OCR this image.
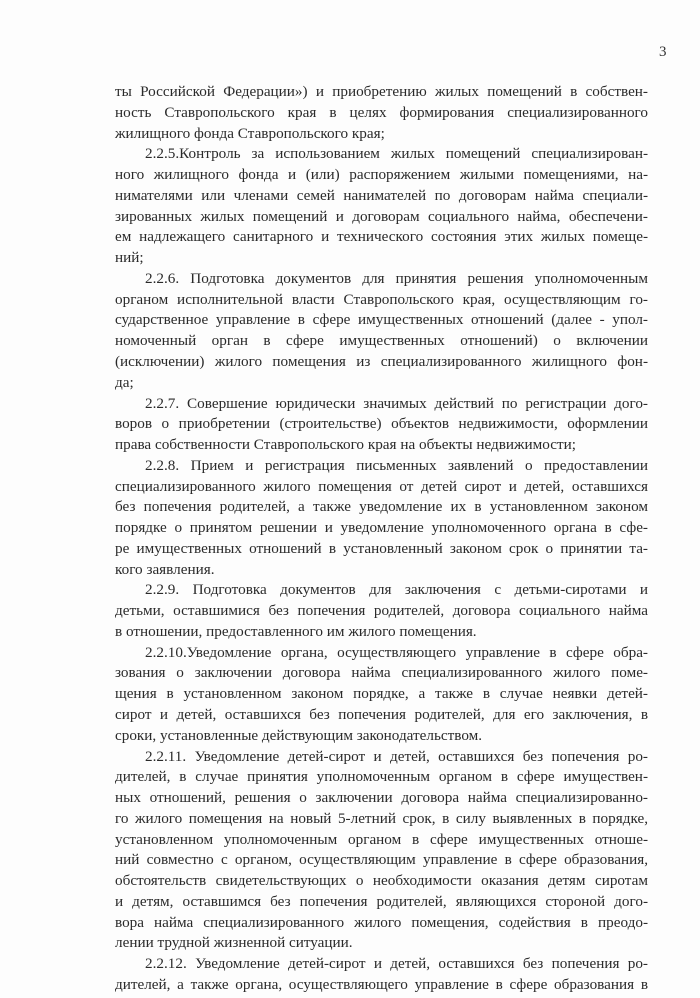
3
ты Российской Федерации») и приобретению жилых помещений в собствен-
ность Ставропольского края в целях формирования специализированного
жилищного фонда Ставропольского края;
2.2.5.Контроль за использованием жилых помещений специализирован-
ного жилищного фонда и (или) распоряжением жилыми помещениями, на-
нимателями или членами семей нанимателей по договорам найма специали-
зированных жилых помещений и договорам социального найма, обеспечени-
ем надлежащего санитарного и технического состояния этих жилых помеще-
ний;
2.2.6. Подготовка документов для принятия решения уполномоченным
органом исполнительной власти Ставропольского края, осуществляющим го-
сударственное управление в сфере имущественных отношений (далее - упол-
номоченный орган в сфере имущественных отношений) о включении
(исключении) жилого помещения из специализированного жилищного фон-
да;
2.2.7. Совершение юридически значимых действий по регистрации дого-
воров о приобретении (строительстве) объектов недвижимости, оформлении
права собственности Ставропольского края на объекты недвижимости;
2.2.8. Прием и регистрация письменных заявлений о предоставлении
специализированного жилого помещения от детей сирот и детей, оставшихся
без попечения родителей, а также уведомление их в установленном законом
порядке о принятом решении и уведомление уполномоченного органа в сфе-
ре имущественных отношений в установленный законом срок о принятии та-
кого заявления.
2.2.9. Подготовка документов для заключения с детьми-сиротами и
детьми, оставшимися без попечения родителей, договора социального найма
в отношении, предоставленного им жилого помещения.
2.2.10.Уведомление органа, осуществляющего управление в сфере обра-
зования о заключении договора найма специализированного жилого поме-
щения в установленном законом порядке, а также в случае неявки детей-
сирот и детей, оставшихся без попечения родителей, для его заключения, в
сроки, установленные действующим законодательством.
2.2.11. Уведомление детей-сирот и детей, оставшихся без попечения ро-
дителей, в случае принятия уполномоченным органом в сфере имуществен-
ных отношений, решения о заключении договора найма специализированно-
го жилого помещения на новый 5-летний срок, в силу выявленных в порядке,
установленном уполномоченным органом в сфере имущественных отноше-
ний совместно с органом, осуществляющим управление в сфере образования,
обстоятельств свидетельствующих о необходимости оказания детям сиротам
и детям, оставшимся без попечения родителей, являющихся стороной дого-
вора найма специализированного жилого помещения, содействия в преодо-
лении трудной жизненной ситуации.
2.2.12. Уведомление детей-сирот и детей, оставшихся без попечения ро-
дителей, а также органа, осуществляющего управление в сфере образования в
